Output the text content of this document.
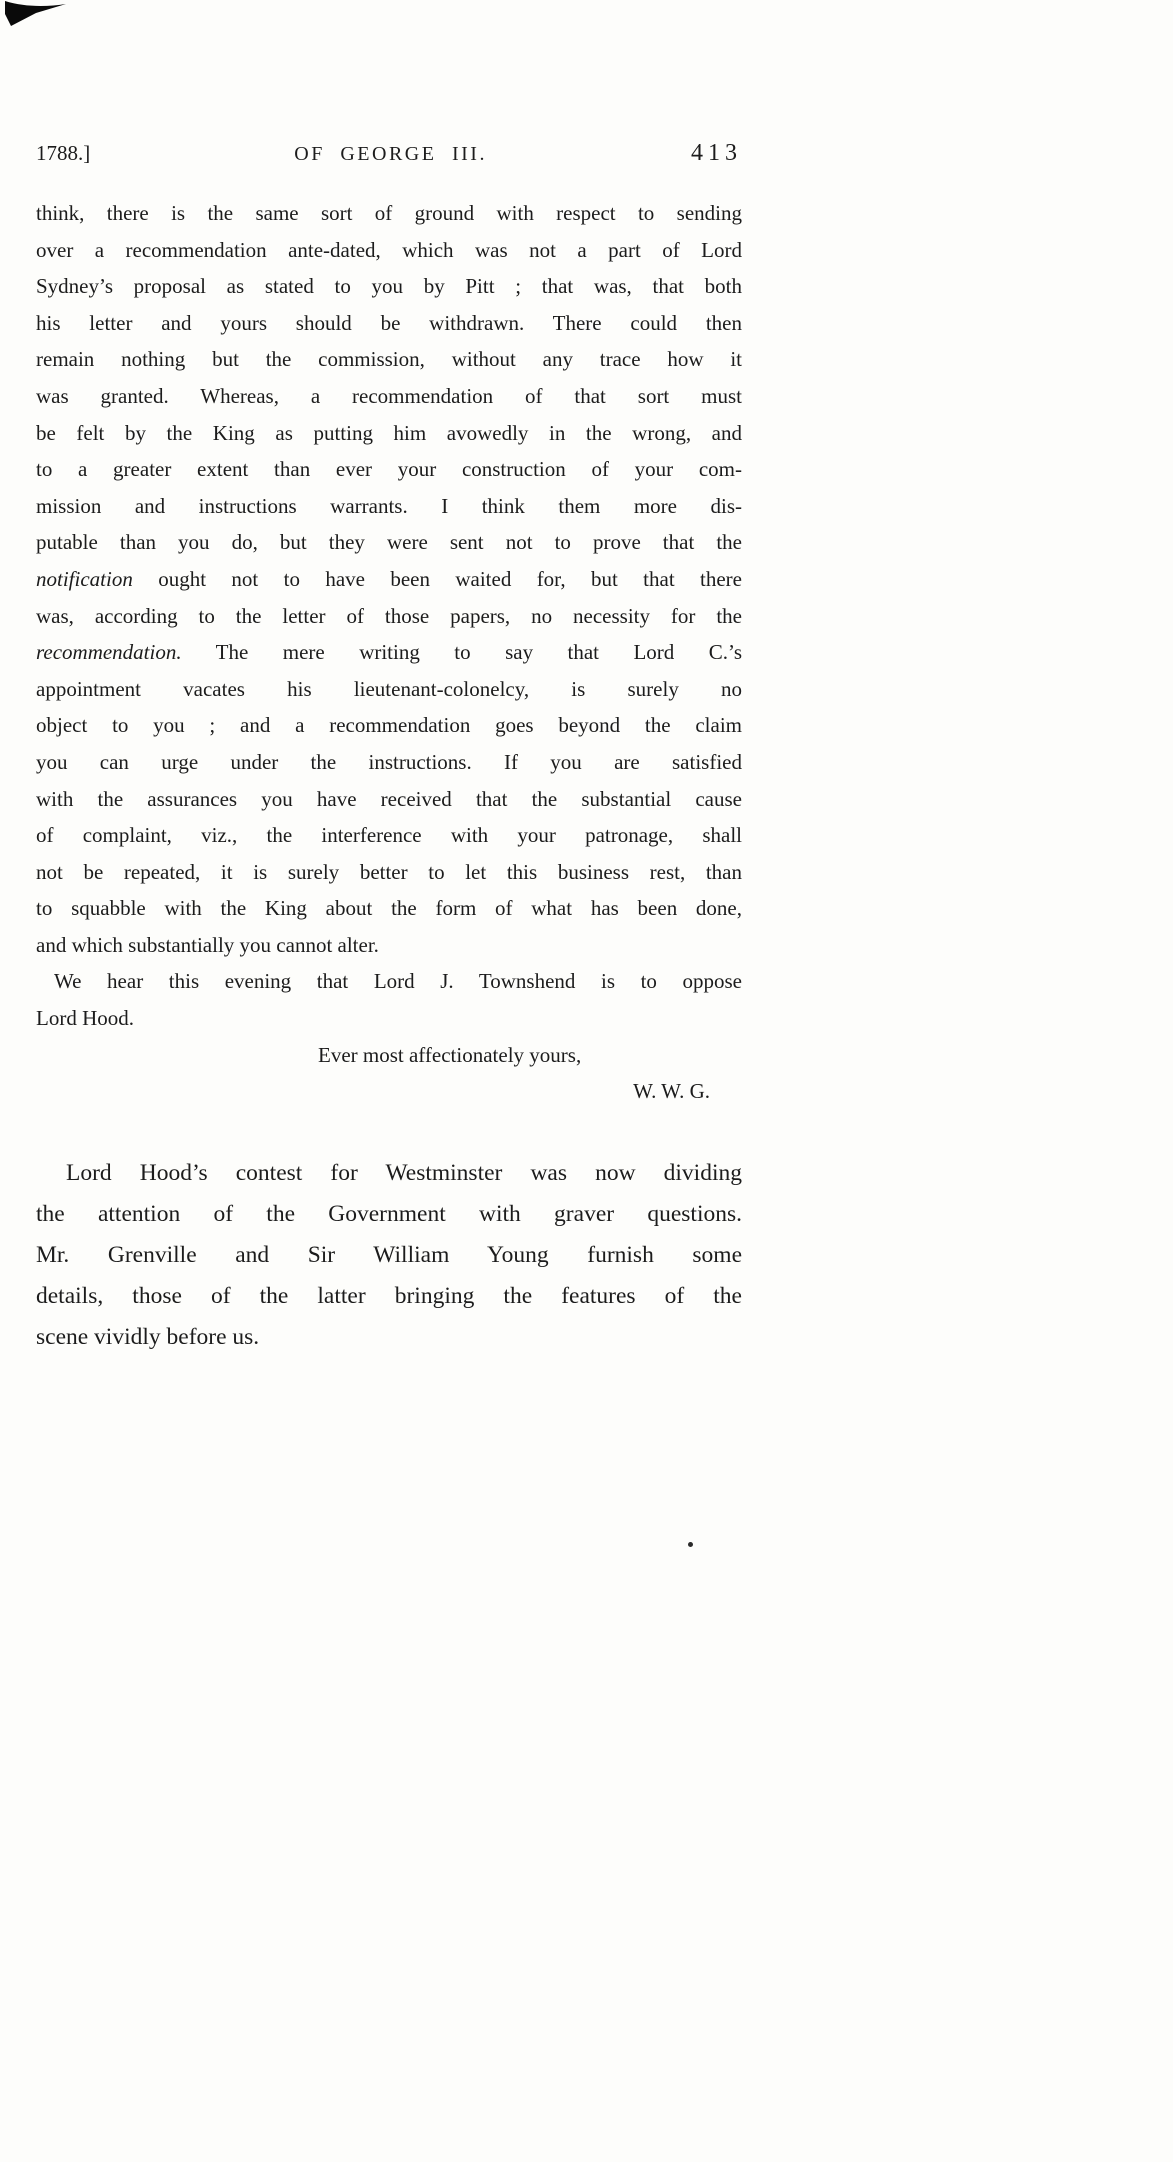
1788.]	OF GEORGE III.	413
think, there is the same sort of ground with respect to sending
over a recommendation ante-dated, which was not a part of Lord
Sydney’s proposal as stated to you by Pitt ; that was, that both
his letter and yours should be withdrawn. There could then
remain nothing but the commission, without any trace how it
was granted. Whereas, a recommendation of that sort must
be felt by the King as putting him avowedly in the wrong, and
to a greater extent than ever your construction of your com-
mission and instructions warrants. I think them more dis-
putable than you do, but they were sent not to prove that the
notification ought not to have been waited for, but that there
was, according to the letter of those papers, no necessity for the
recommendation. The mere writing to say that Lord C.’s
appointment vacates his lieutenant-colonelcy, is surely no
object to you ; and a recommendation goes beyond the claim
you can urge under the instructions. If you are satisfied
with the assurances you have received that the substantial cause
of complaint, viz., the interference with your patronage, shall
not be repeated, it is surely better to let this business rest, than
to squabble with the King about the form of what has been done,
and which substantially you cannot alter.
We hear this evening that Lord J. Townshend is to oppose
Lord Hood.
Ever most affectionately yours,
W. W. G.
Lord Hood’s contest for Westminster was now dividing
the attention of the Government with graver questions.
Mr. Grenville and Sir William Young furnish some
details, those of the latter bringing the features of the
scene vividly before us.
